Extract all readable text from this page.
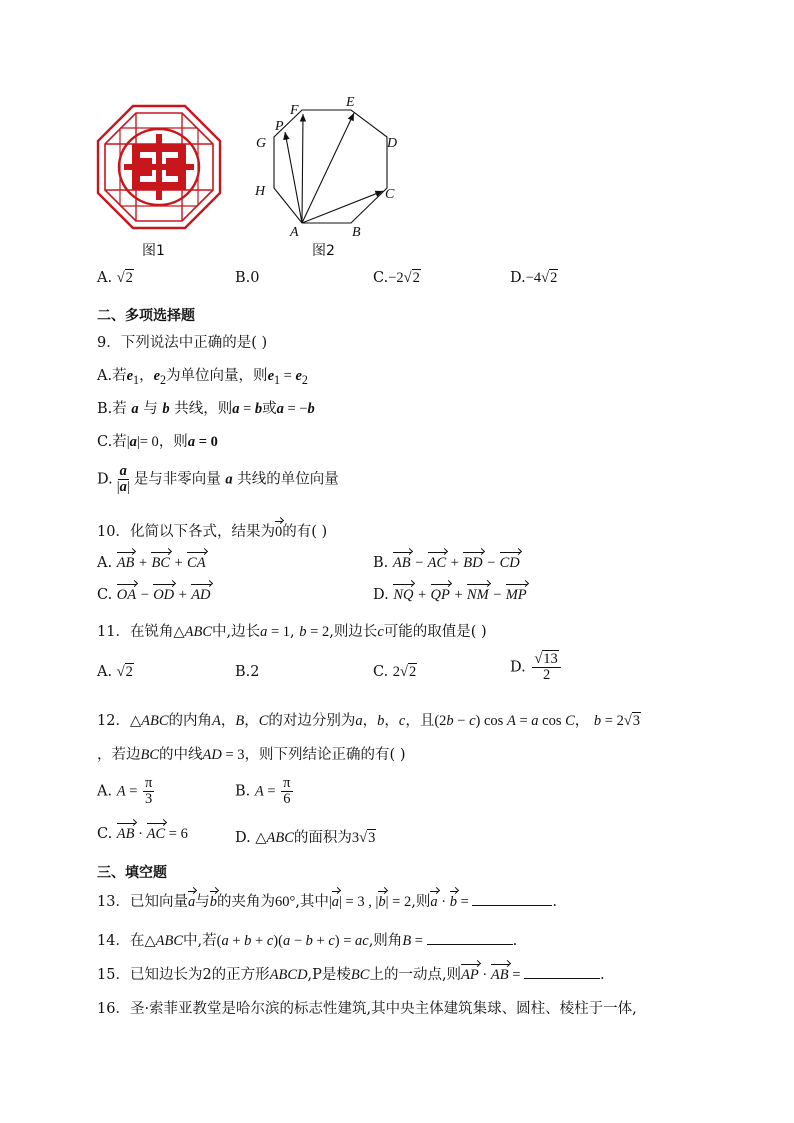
图1
A	B
C
D
E
F
G
H
P
图2
A. √2	B.0	C.−2√2	D.−4√2
二、多项选择题
9．下列说法中正确的是( )
A.若$e_1$，$e_2$为单位向量，则$e_1 = e_2$
B.若 a 与 b 共线，则a = b或a = −b
C.若|a|= 0，则a = 0
D. $\frac{a}{|a|}$ 是与非零向量 a 共线的单位向量
10．化简以下各式，结果为0的有( )
A. AB + BC + CA	B. AB − AC + BD − CD
C. OA − OD + AD	D. NQ + QP + NM − MP
11．在锐角△ABC中,边长a = 1, b = 2,则边长c可能的取值是( )
A. √2	B.2	C. 2√2	D. $\frac{√13}{2}$
12．△ABC的内角A，B，C的对边分别为a，b，c，且(2b − c) cos A = a cos C， b = 2√3
，若边BC的中线AD = 3，则下列结论正确的有( )
A. $A = \frac{\pi}{3}$	B. $A = \frac{\pi}{6}$
C. AB · AC = 6	D. △ABC的面积为3√3
三、填空题
13．已知向量a与b的夹角为60°,其中|a| = 3 , |b| = 2,则a · b =	.
14．在△ABC中,若(a + b + c)(a − b + c) = ac,则角B =	.
15．已知边长为2的正方形ABCD,P是棱BC上的一动点,则AP · AB =	.
16．圣·索菲亚教堂是哈尔滨的标志性建筑,其中央主体建筑集球、圆柱、棱柱于一体,
